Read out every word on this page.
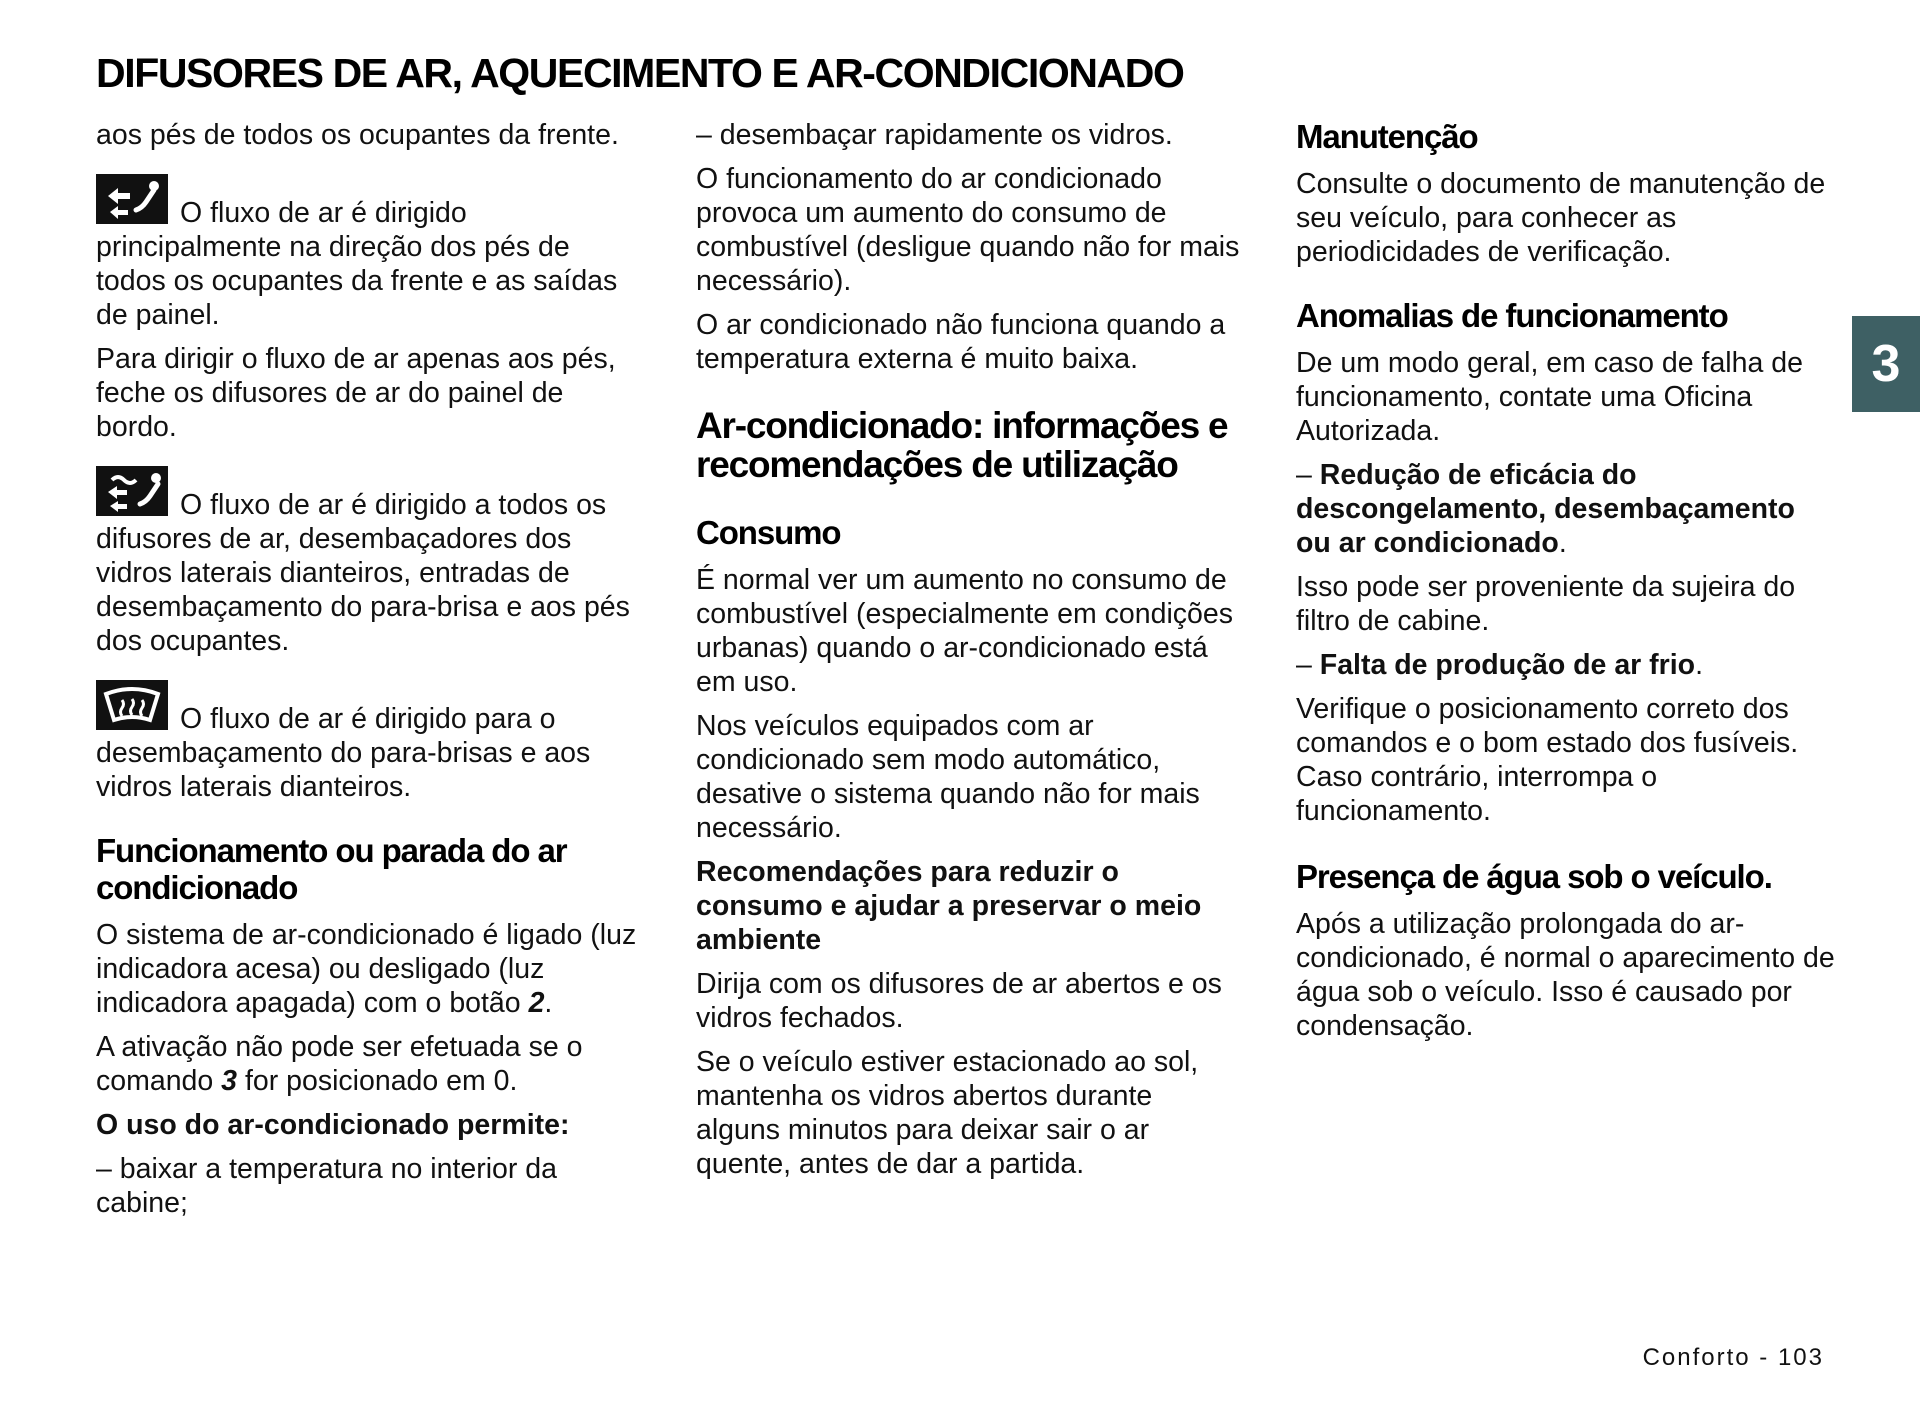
DIFUSORES DE AR, AQUECIMENTO E AR-CONDICIONADO
3

aos pés de todos os ocupantes da frente.

O fluxo de ar é dirigido principalmente na direção dos pés de todos os ocupantes da frente e as saídas de painel.

Para dirigir o fluxo de ar apenas aos pés, feche os difusores de ar do painel de bordo.

O fluxo de ar é dirigido a todos os difusores de ar, desembaçadores dos vidros laterais dianteiros, entradas de desembaçamento do para-brisa e aos pés dos ocupantes.

O fluxo de ar é dirigido para o desembaçamento do para-brisas e aos vidros laterais dianteiros.

Funcionamento ou parada do ar condicionado

O sistema de ar-condicionado é ligado (luz indicadora acesa) ou desligado (luz indicadora apagada) com o botão 2.

A ativação não pode ser efetuada se o comando 3 for posicionado em 0.

O uso do ar-condicionado permite:

– baixar a temperatura no interior da cabine;

– desembaçar rapidamente os vidros.

O funcionamento do ar condicionado provoca um aumento do consumo de combustível (desligue quando não for mais necessário).

O ar condicionado não funciona quando a temperatura externa é muito baixa.

Ar-condicionado: informações e recomendações de utilização
Consumo

É normal ver um aumento no consumo de combustível (especialmente em condições urbanas) quando o ar-condicionado está em uso.

Nos veículos equipados com ar condicionado sem modo automático, desative o sistema quando não for mais necessário.

Recomendações para reduzir o consumo e ajudar a preservar o meio ambiente

Dirija com os difusores de ar abertos e os vidros fechados.

Se o veículo estiver estacionado ao sol, mantenha os vidros abertos durante alguns minutos para deixar sair o ar quente, antes de dar a partida.

Manutenção

Consulte o documento de manutenção de seu veículo, para conhecer as periodicidades de verificação.

Anomalias de funcionamento

De um modo geral, em caso de falha de funcionamento, contate uma Oficina Autorizada.

– Redução de eficácia do descongelamento, desembaçamento ou ar condicionado.

Isso pode ser proveniente da sujeira do filtro de cabine.

– Falta de produção de ar frio.

Verifique o posicionamento correto dos comandos e o bom estado dos fusíveis. Caso contrário, interrompa o funcionamento.

Presença de água sob o veículo.

Após a utilização prolongada do ar-condicionado, é normal o aparecimento de água sob o veículo. Isso é causado por condensação.

Conforto - 103
